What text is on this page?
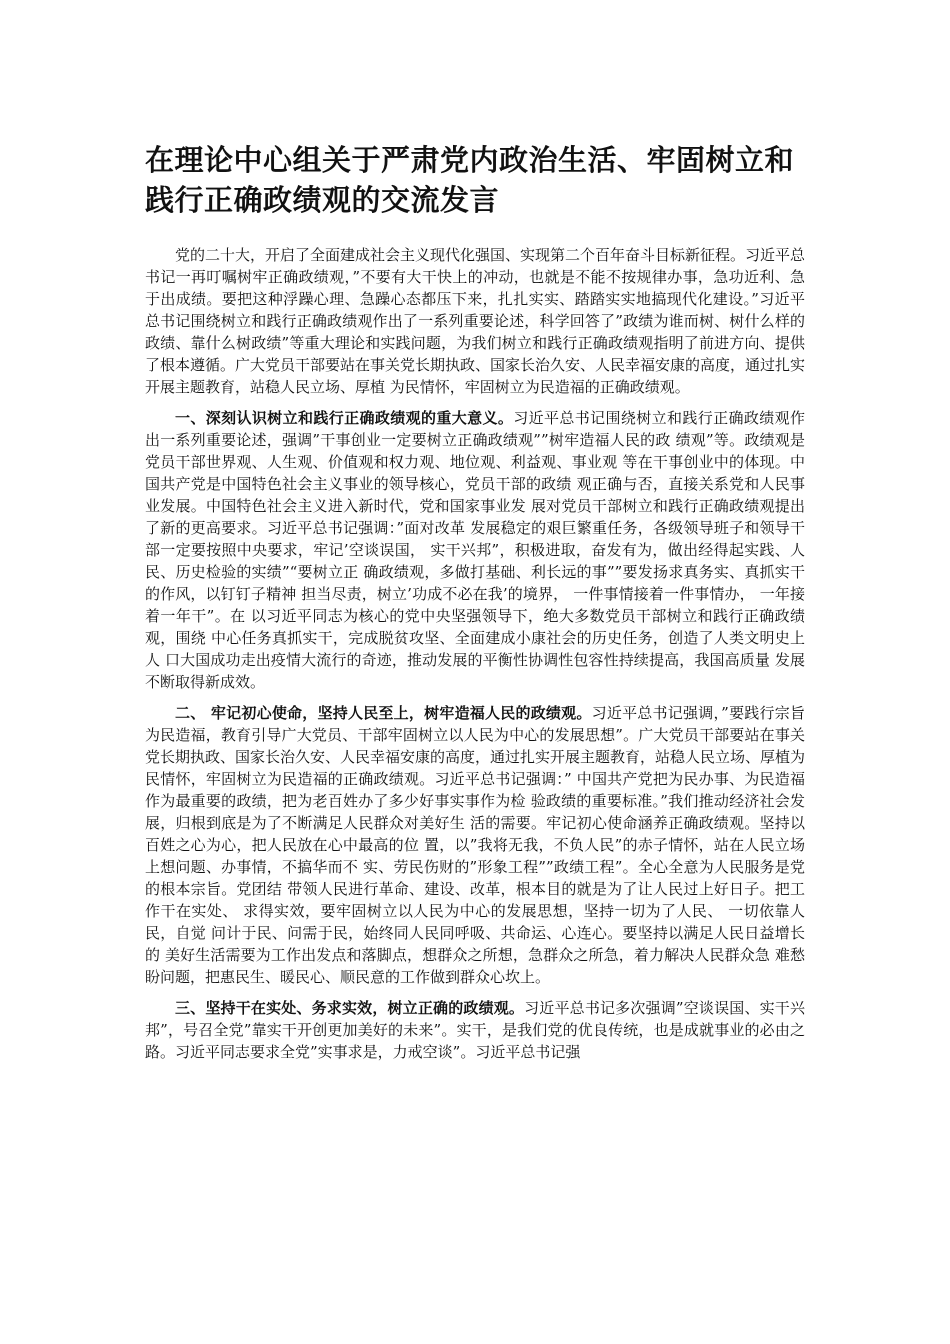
在理论中心组关于严肃党内政治生活、牢固树立和践行正确政绩观的交流发言

党的二十大，开启了全面建成社会主义现代化强国、实现第二个百年奋斗目标新征程。习近平总书记一再叮嘱树牢正确政绩观，”不要有大干快上的冲动，也就是不能不按规律办事，急功近利、急于出成绩。要把这种浮躁心理、急躁心态都压下来，扎扎实实、踏踏实实地搞现代化建设。”习近平总书记围绕树立和践行正确政绩观作出了一系列重要论述，科学回答了”政绩为谁而树、树什么样的政绩、靠什么树政绩”等重大理论和实践问题，为我们树立和践行正确政绩观指明了前进方向、提供了根本遵循。广大党员干部要站在事关党长期执政、国家长治久安、人民幸福安康的高度，通过扎实开展主题教育，站稳人民立场、厚植 为民情怀，牢固树立为民造福的正确政绩观。

一、深刻认识树立和践行正确政绩观的重大意义。习近平总书记围绕树立和践行正确政绩观作出一系列重要论述，强调”干事创业一定要树立正确政绩观””树牢造福人民的政 绩观”等。政绩观是党员干部世界观、人生观、价值观和权力观、地位观、利益观、事业观 等在干事创业中的体现。中国共产党是中国特色社会主义事业的领导核心，党员干部的政绩 观正确与否，直接关系党和人民事业发展。中国特色社会主义进入新时代，党和国家事业发 展对党员干部树立和践行正确政绩观提出了新的更高要求。习近平总书记强调：”面对改革 发展稳定的艰巨繁重任务，各级领导班子和领导干部一定要按照中央要求，牢记’空谈误国， 实干兴邦”，积极进取，奋发有为，做出经得起实践、人民、历史检验的实绩”“要树立正 确政绩观，多做打基础、利长远的事””要发扬求真务实、真抓实干的作风，以钉钉子精神 担当尽责，树立’功成不必在我’的境界， 一件事情接着一件事情办， 一年接着一年干”。在 以习近平同志为核心的党中央坚强领导下，绝大多数党员干部树立和践行正确政绩观，围绕 中心任务真抓实干，完成脱贫攻坚、全面建成小康社会的历史任务，创造了人类文明史上人 口大国成功走出疫情大流行的奇迹，推动发展的平衡性协调性包容性持续提高，我国高质量 发展不断取得新成效。

二、 牢记初心使命，坚持人民至上，树牢造福人民的政绩观。习近平总书记强调，”要践行宗旨为民造福，教育引导广大党员、干部牢固树立以人民为中心的发展思想”。广大党员干部要站在事关党长期执政、国家长治久安、人民幸福安康的高度，通过扎实开展主题教育，站稳人民立场、厚植为民情怀，牢固树立为民造福的正确政绩观。习近平总书记强调：” 中国共产党把为民办事、为民造福作为最重要的政绩，把为老百姓办了多少好事实事作为检 验政绩的重要标准。”我们推动经济社会发展，归根到底是为了不断满足人民群众对美好生 活的需要。牢记初心使命涵养正确政绩观。坚持以百姓之心为心，把人民放在心中最高的位 置，以”我将无我，不负人民”的赤子情怀，站在人民立场上想问题、办事情，不搞华而不 实、劳民伤财的”形象工程””政绩工程”。全心全意为人民服务是党的根本宗旨。党团结 带领人民进行革命、建设、改革，根本目的就是为了让人民过上好日子。把工作干在实处、 求得实效，要牢固树立以人民为中心的发展思想，坚持一切为了人民、 一切依靠人民，自觉 问计于民、问需于民，始终同人民同呼吸、共命运、心连心。要坚持以满足人民日益增长的 美好生活需要为工作出发点和落脚点，想群众之所想，急群众之所急，着力解决人民群众急 难愁盼问题，把惠民生、暖民心、顺民意的工作做到群众心坎上。

三、坚持干在实处、务求实效，树立正确的政绩观。习近平总书记多次强调”空谈误国、实干兴邦”，号召全党”靠实干开创更加美好的未来”。实干，是我们党的优良传统，也是成就事业的必由之路。习近平同志要求全党”实事求是，力戒空谈”。习近平总书记强
